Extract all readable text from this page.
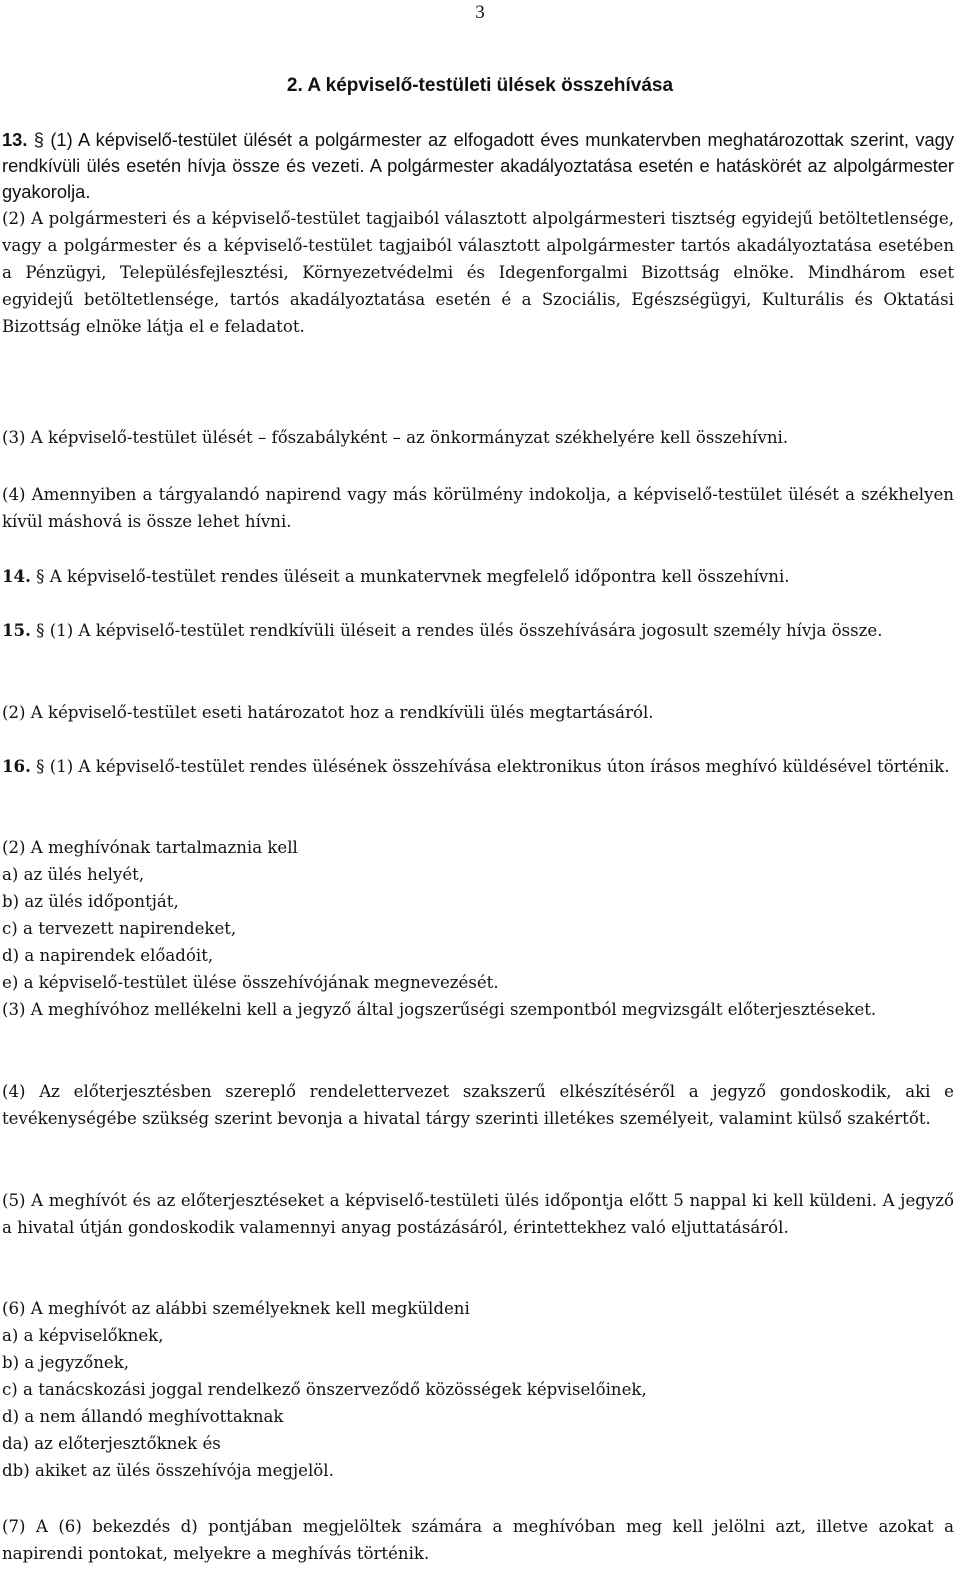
3
2. A képviselő-testületi ülések összehívása
13. § (1) A képviselő-testület ülését a polgármester az elfogadott éves munkatervben meghatározottak szerint, vagy rendkívüli ülés esetén hívja össze és vezeti. A polgármester akadályoztatása esetén e hatáskörét az alpolgármester gyakorolja.
(2) A polgármesteri és a képviselő-testület tagjaiból választott alpolgármesteri tisztség egyidejű betöltetlensége, vagy a polgármester és a képviselő-testület tagjaiból választott alpolgármester tartós akadályoztatása esetében a Pénzügyi, Településfejlesztési, Környezetvédelmi és Idegenforgalmi Bizottság elnöke. Mindhárom eset egyidejű betöltetlensége, tartós akadályoztatása esetén é a Szociális, Egészségügyi, Kulturális és Oktatási Bizottság elnöke látja el e feladatot.
(3) A képviselő-testület ülését – főszabályként – az önkormányzat székhelyére kell összehívni.
(4) Amennyiben a tárgyalandó napirend vagy más körülmény indokolja, a képviselő-testület ülését a székhelyen kívül máshová is össze lehet hívni.
14. § A képviselő-testület rendes üléseit a munkatervnek megfelelő időpontra kell összehívni.
15. § (1) A képviselő-testület rendkívüli üléseit a rendes ülés összehívására jogosult személy hívja össze.
(2) A képviselő-testület eseti határozatot hoz a rendkívüli ülés megtartásáról.
16. § (1) A képviselő-testület rendes ülésének összehívása elektronikus úton írásos meghívó küldésével történik.
(2) A meghívónak tartalmaznia kell
a) az ülés helyét,
b) az ülés időpontját,
c) a tervezett napirendeket,
d) a napirendek előadóit,
e) a képviselő-testület ülése összehívójának megnevezését.
(3) A meghívóhoz mellékelni kell a jegyző által jogszerűségi szempontból megvizsgált előterjesztéseket.
(4) Az előterjesztésben szereplő rendelettervezet szakszerű elkészítéséről a jegyző gondoskodik, aki e tevékenységébe szükség szerint bevonja a hivatal tárgy szerinti illetékes személyeit, valamint külső szakértőt.
(5) A meghívót és az előterjesztéseket a képviselő-testületi ülés időpontja előtt 5 nappal ki kell küldeni. A jegyző a hivatal útján gondoskodik valamennyi anyag postázásáról, érintettekhez való eljuttatásáról.
(6) A meghívót az alábbi személyeknek kell megküldeni
a) a képviselőknek,
b) a jegyzőnek,
c) a tanácskozási joggal rendelkező önszerveződő közösségek képviselőinek,
d) a nem állandó meghívottaknak
da) az előterjesztőknek és
db) akiket az ülés összehívója megjelöl.
(7) A (6) bekezdés d) pontjában megjelöltek számára a meghívóban meg kell jelölni azt, illetve azokat a napirendi pontokat, melyekre a meghívás történik.
